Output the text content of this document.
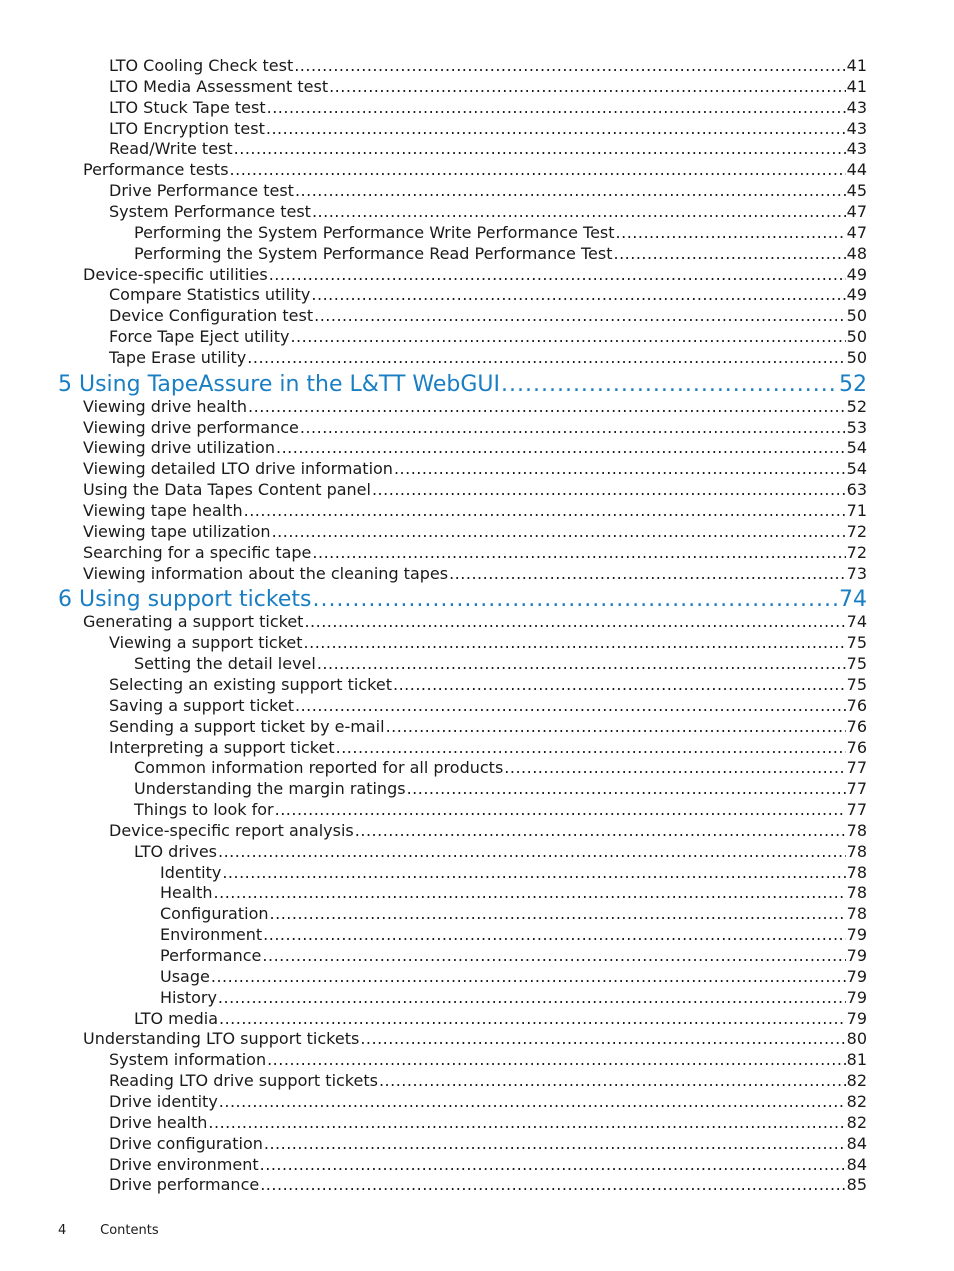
LTO Cooling Check test .....	41
LTO Media Assessment test .....	41
LTO Stuck Tape test .....	43
LTO Encryption test .....	43
Read/Write test .....	43
Performance tests .....	44
Drive Performance test .....	45
System Performance test .....	47
Performing the System Performance Write Performance Test .....	47
Performing the System Performance Read Performance Test .....	48
Device-specific utilities .....	49
Compare Statistics utility .....	49
Device Configuration test .....	50
Force Tape Eject utility .....	50
Tape Erase utility .....	50
5 Using TapeAssure in the L&TT WebGUI .....	52
Viewing drive health .....	52
Viewing drive performance .....	53
Viewing drive utilization .....	54
Viewing detailed LTO drive information .....	54
Using the Data Tapes Content panel .....	63
Viewing tape health .....	71
Viewing tape utilization .....	72
Searching for a specific tape .....	72
Viewing information about the cleaning tapes .....	73
6 Using support tickets .....	74
Generating a support ticket .....	74
Viewing a support ticket .....	75
Setting the detail level .....	75
Selecting an existing support ticket .....	75
Saving a support ticket .....	76
Sending a support ticket by e-mail .....	76
Interpreting a support ticket .....	76
Common information reported for all products .....	77
Understanding the margin ratings .....	77
Things to look for .....	77
Device-specific report analysis .....	78
LTO drives .....	78
Identity .....	78
Health .....	78
Configuration .....	78
Environment .....	79
Performance .....	79
Usage .....	79
History .....	79
LTO media .....	79
Understanding LTO support tickets .....	80
System information .....	81
Reading LTO drive support tickets .....	82
Drive identity .....	82
Drive health .....	82
Drive configuration .....	84
Drive environment .....	84
Drive performance .....	85
4	Contents
